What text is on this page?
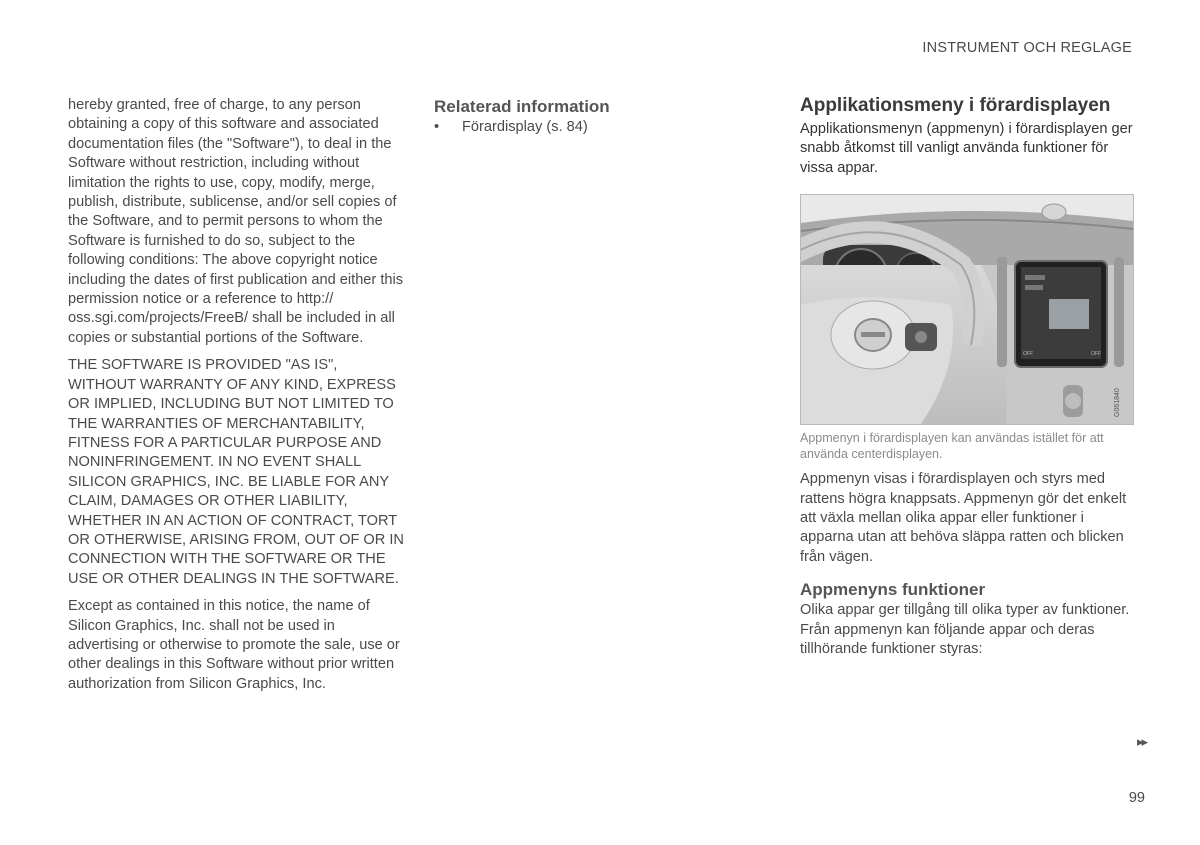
INSTRUMENT OCH REGLAGE

hereby granted, free of charge, to any person obtaining a copy of this software and associated documentation files (the "Software"), to deal in the Software without restriction, including without limitation the rights to use, copy, modify, merge, publish, distribute, sublicense, and/or sell copies of the Software, and to permit persons to whom the Software is furnished to do so, subject to the following conditions: The above copyright notice including the dates of first publication and either this permission notice or a reference to http:// oss.sgi.com/projects/FreeB/ shall be included in all copies or substantial portions of the Software.

THE SOFTWARE IS PROVIDED "AS IS", WITHOUT WARRANTY OF ANY KIND, EXPRESS OR IMPLIED, INCLUDING BUT NOT LIMITED TO THE WARRANTIES OF MERCHANTABILITY, FITNESS FOR A PARTICULAR PURPOSE AND NONINFRINGEMENT. IN NO EVENT SHALL SILICON GRAPHICS, INC. BE LIABLE FOR ANY CLAIM, DAMAGES OR OTHER LIABILITY, WHETHER IN AN ACTION OF CONTRACT, TORT OR OTHERWISE, ARISING FROM, OUT OF OR IN CONNECTION WITH THE SOFTWARE OR THE USE OR OTHER DEALINGS IN THE SOFTWARE.

Except as contained in this notice, the name of Silicon Graphics, Inc. shall not be used in advertising or otherwise to promote the sale, use or other dealings in this Software without prior written authorization from Silicon Graphics, Inc.

Relaterad information
•	Förardisplay (s. 84)
Applikationsmeny i förardisplayen

Applikationsmenyn (appmenyn) i förardisplayen ger snabb åtkomst till vanligt använda funktioner för vissa appar.

OFF	OFF
G061840
Appmenyn i förardisplayen kan användas istället för att använda centerdisplayen.

Appmenyn visas i förardisplayen och styrs med rattens högra knappsats. Appmenyn gör det enkelt att växla mellan olika appar eller funktioner i apparna utan att behöva släppa ratten och blicken från vägen.

Appmenyns funktioner

Olika appar ger tillgång till olika typer av funktioner. Från appmenyn kan följande appar och deras tillhörande funktioner styras:

▸▸
99
